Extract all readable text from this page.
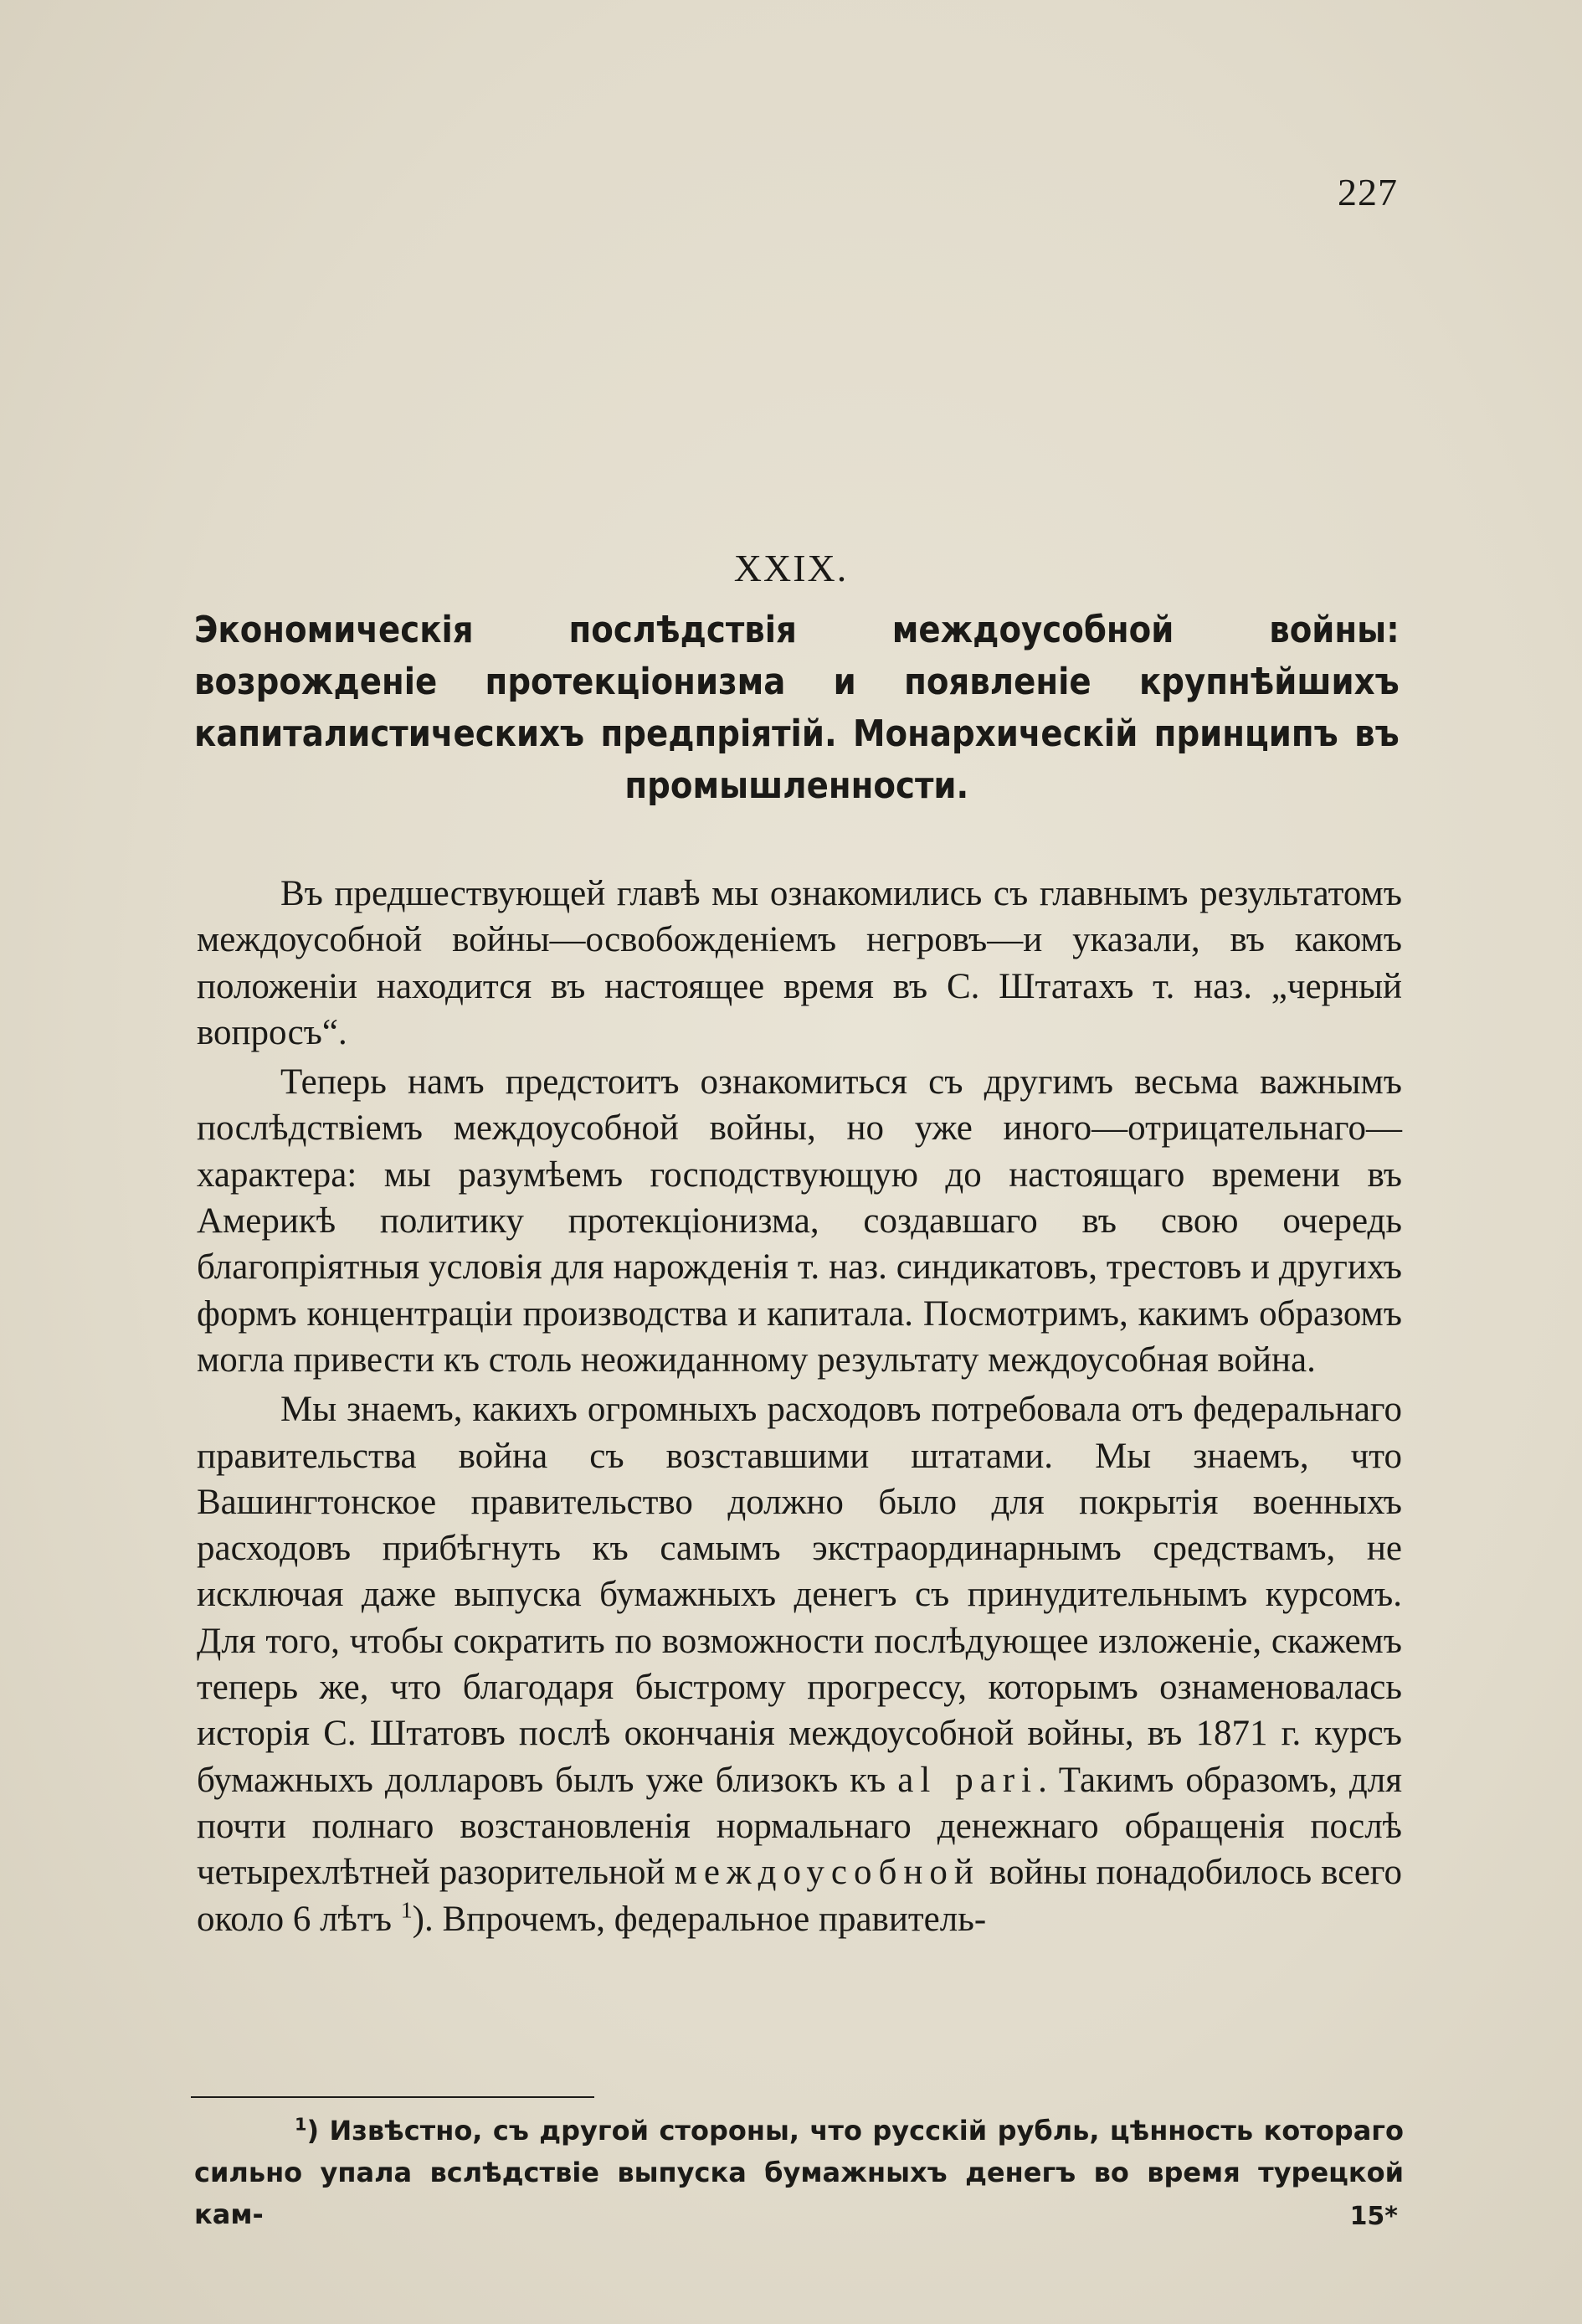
227
XXIX.
Экономическія послѣдствія междоусобной войны: возрожденіе протекціонизма и появленіе крупнѣйшихъ капиталистическихъ предпріятій. Монархическій принципъ въ промышленности.

Въ предшествующей главѣ мы ознакомились съ главнымъ результатомъ междоусобной войны—освобожденіемъ негровъ—и указали, въ какомъ положеніи находится въ настоящее время въ С. Штатахъ т. наз. „черный вопросъ“.

Теперь намъ предстоитъ ознакомиться съ другимъ весьма важнымъ послѣдствіемъ междоусобной войны, но уже иного—отрицательнаго—характера: мы разумѣемъ господствующую до настоящаго времени въ Америкѣ политику протекціонизма, создавшаго въ свою очередь благопріятныя условія для нарожденія т. наз. синдикатовъ, трестовъ и другихъ формъ концентраціи производства и капитала. Посмотримъ, какимъ образомъ могла привести къ столь неожиданному результату междоусобная война.

Мы знаемъ, какихъ огромныхъ расходовъ потребовала отъ федеральнаго правительства война съ возставшими штатами. Мы знаемъ, что Вашингтонское правительство должно было для покрытія военныхъ расходовъ прибѣгнуть къ самымъ экстраординарнымъ средствамъ, не исключая даже выпуска бумажныхъ денегъ съ принудительнымъ курсомъ. Для того, чтобы сократить по возможности послѣдующее изложеніе, скажемъ теперь же, что благодаря быстрому прогрессу, которымъ ознаменовалась исторія С. Штатовъ послѣ окончанія междоусобной войны, въ 1871 г. курсъ бумажныхъ долларовъ былъ уже близокъ къ al pari. Такимъ образомъ, для почти полнаго возстановленія нормальнаго денежнаго обращенія послѣ четырехлѣтней разорительной междоусобной войны понадобилось всего около 6 лѣтъ $^1$). Впрочемъ, федеральное правитель-

$^1$) Извѣстно, съ другой стороны, что русскій рубль, цѣнность котораго сильно упала вслѣдствіе выпуска бумажныхъ денегъ во время турецкой кам-	15*
